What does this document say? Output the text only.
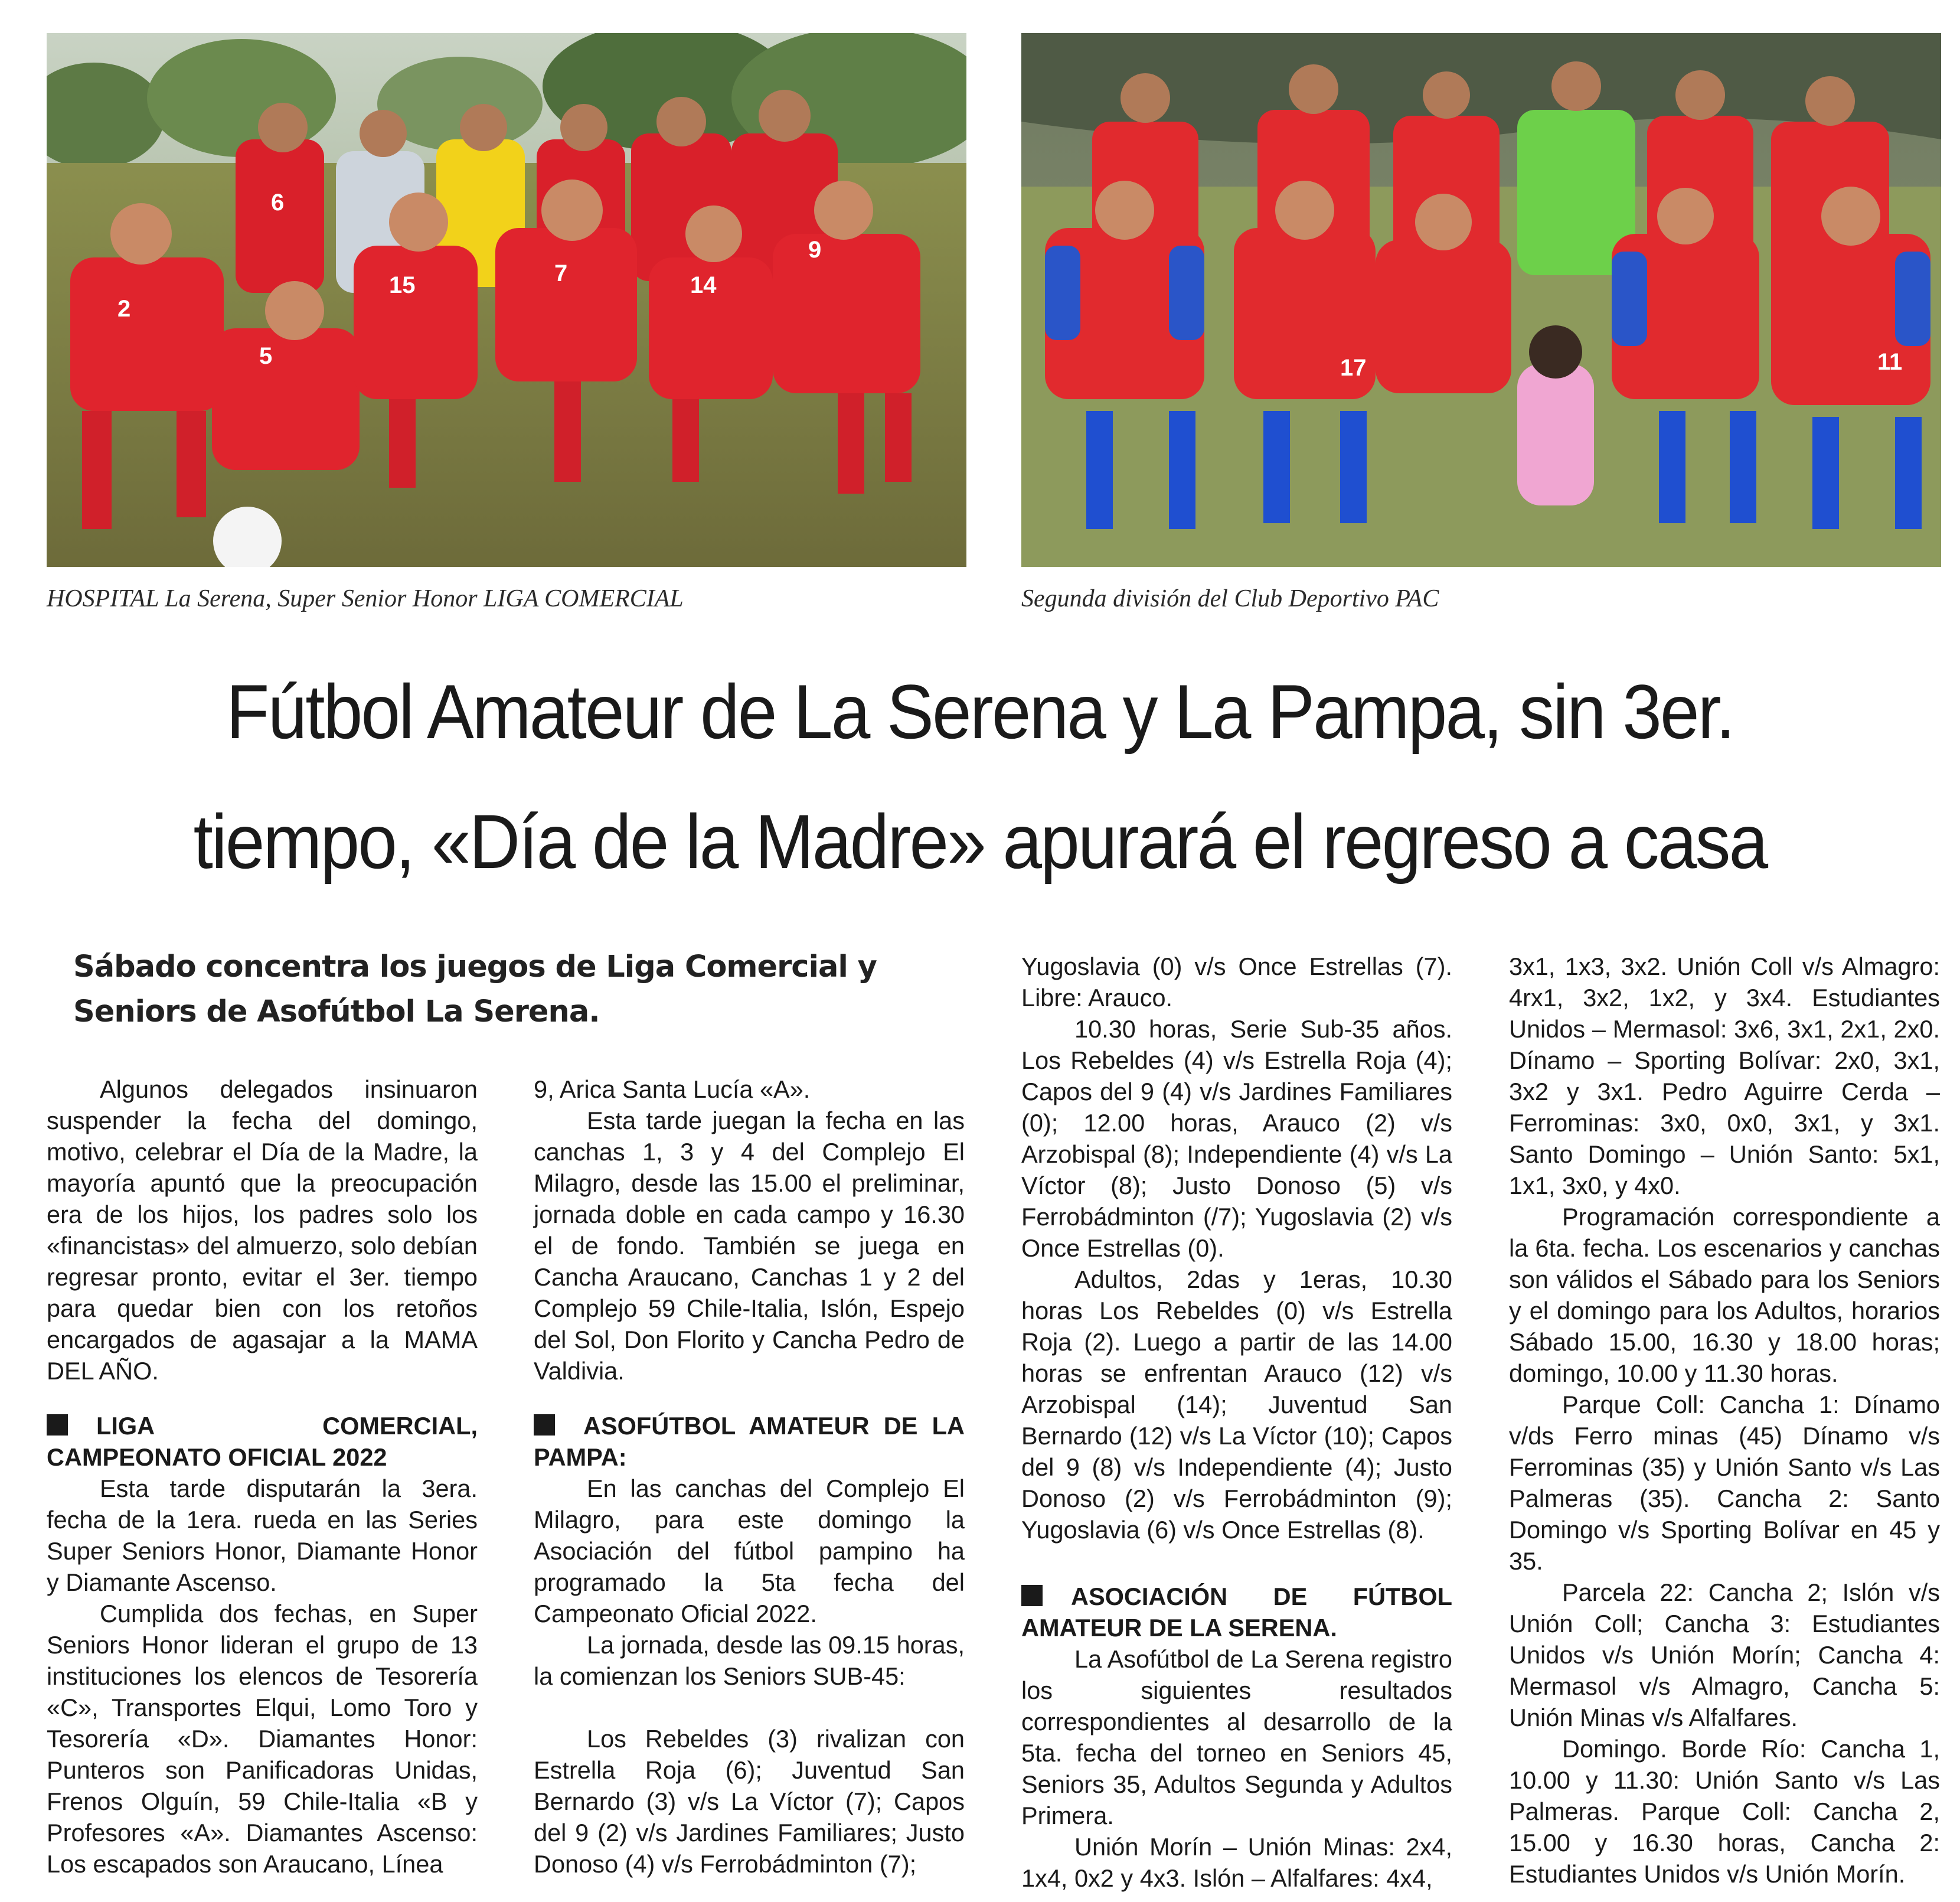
6
2
5
15	7	14
9
17	11
HOSPITAL La Serena, Super Senior Honor LIGA COMERCIAL	Segunda división del Club Deportivo PAC
Fútbol Amateur de La Serena y La Pampa, sin 3er.
tiempo, «Día de la Madre» apurará el regreso a casa
Sábado concentra los juegos de Liga Comercial y
Seniors de Asofútbol La Serena.

Algunos delegados insinuaron suspender la fecha del domingo, motivo, celebrar el Día de la Madre, la mayoría apuntó que la preocupación era de los hijos, los padres solo los «financistas» del almuerzo, solo debían regresar pronto, evitar el 3er. tiempo para quedar bien con los retoños encargados de agasajar a la MAMA DEL AÑO.

LIGA COMERCIAL, CAMPEONATO OFICIAL 2022

Esta tarde disputarán la 3era. fecha de la 1era. rueda en las Series Super Seniors Honor, Diamante Honor y Diamante Ascenso.

Cumplida dos fechas, en Super Seniors Honor lideran el grupo de 13 instituciones los elencos de Tesorería «C», Transportes Elqui, Lomo Toro y Tesorería «D». Diamantes Honor: Punteros son Panificadoras Unidas, Frenos Olguín, 59 Chile-Italia «B y Profesores «A». Diamantes Ascenso: Los escapados son Araucano, Línea

9, Arica Santa Lucía «A».

Esta tarde juegan la fecha en las canchas 1, 3 y 4 del Complejo El Milagro, desde las 15.00 el preliminar, jornada doble en cada campo y 16.30 el de fondo. También se juega en Cancha Araucano, Canchas 1 y 2 del Complejo 59 Chile-Italia, Islón, Espejo del Sol, Don Florito y Cancha Pedro de Valdivia.

ASOFÚTBOL AMATEUR DE LA PAMPA:

En las canchas del Complejo El Milagro, para este domingo la Asociación del fútbol pampino ha programado la 5ta fecha del Campeonato Oficial 2022.

La jornada, desde las 09.15 horas, la comienzan los Seniors SUB-45:

Los Rebeldes (3) rivalizan con Estrella Roja (6); Juventud San Bernardo (3) v/s La Víctor (7); Capos del 9 (2) v/s Jardines Familiares; Justo Donoso (4) v/s Ferrobádminton (7);

Yugoslavia (0) v/s Once Estrellas (7). Libre: Arauco.

10.30 horas, Serie Sub-35 años. Los Rebeldes (4) v/s Estrella Roja (4); Capos del 9 (4) v/s Jardines Familiares (0); 12.00 horas, Arauco (2) v/s Arzobispal (8); Independiente (4) v/s La Víctor (8); Justo Donoso (5) v/s Ferrobádminton (/7); Yugoslavia (2) v/s Once Estrellas (0).

Adultos, 2das y 1eras, 10.30 horas Los Rebeldes (0) v/s Estrella Roja (2). Luego a partir de las 14.00 horas se enfrentan Arauco (12) v/s Arzobispal (14); Juventud San Bernardo (12) v/s La Víctor (10); Capos del 9 (8) v/s Independiente (4); Justo Donoso (2) v/s Ferrobádminton (9); Yugoslavia (6) v/s Once Estrellas (8).

ASOCIACIÓN DE FÚTBOL AMATEUR DE LA SERENA.

La Asofútbol de La Serena registro los siguientes resultados correspondientes al desarrollo de la 5ta. fecha del torneo en Seniors 45, Seniors 35, Adultos Segunda y Adultos Primera.

Unión Morín – Unión Minas: 2x4, 1x4, 0x2 y 4x3. Islón – Alfalfares: 4x4,

3x1, 1x3, 3x2. Unión Coll v/s Almagro: 4rx1, 3x2, 1x2, y 3x4. Estudiantes Unidos – Mermasol: 3x6, 3x1, 2x1, 2x0. Dínamo – Sporting Bolívar: 2x0, 3x1, 3x2 y 3x1. Pedro Aguirre Cerda – Ferrominas: 3x0, 0x0, 3x1, y 3x1. Santo Domingo – Unión Santo: 5x1, 1x1, 3x0, y 4x0.

Programación correspondiente a la 6ta. fecha. Los escenarios y canchas son válidos el Sábado para los Seniors y el domingo para los Adultos, horarios Sábado 15.00, 16.30 y 18.00 horas; domingo, 10.00 y 11.30 horas.

Parque Coll: Cancha 1: Dínamo v/ds Ferro minas (45) Dínamo v/s Ferrominas (35) y Unión Santo v/s Las Palmeras (35). Cancha 2: Santo Domingo v/s Sporting Bolívar en 45 y 35.

Parcela 22: Cancha 2; Islón v/s Unión Coll; Cancha 3: Estudiantes Unidos v/s Unión Morín; Cancha 4: Mermasol v/s Almagro, Cancha 5: Unión Minas v/s Alfalfares.

Domingo. Borde Río: Cancha 1, 10.00 y 11.30: Unión Santo v/s Las Palmeras. Parque Coll: Cancha 2, 15.00 y 16.30 horas, Cancha 2: Estudiantes Unidos v/s Unión Morín.
